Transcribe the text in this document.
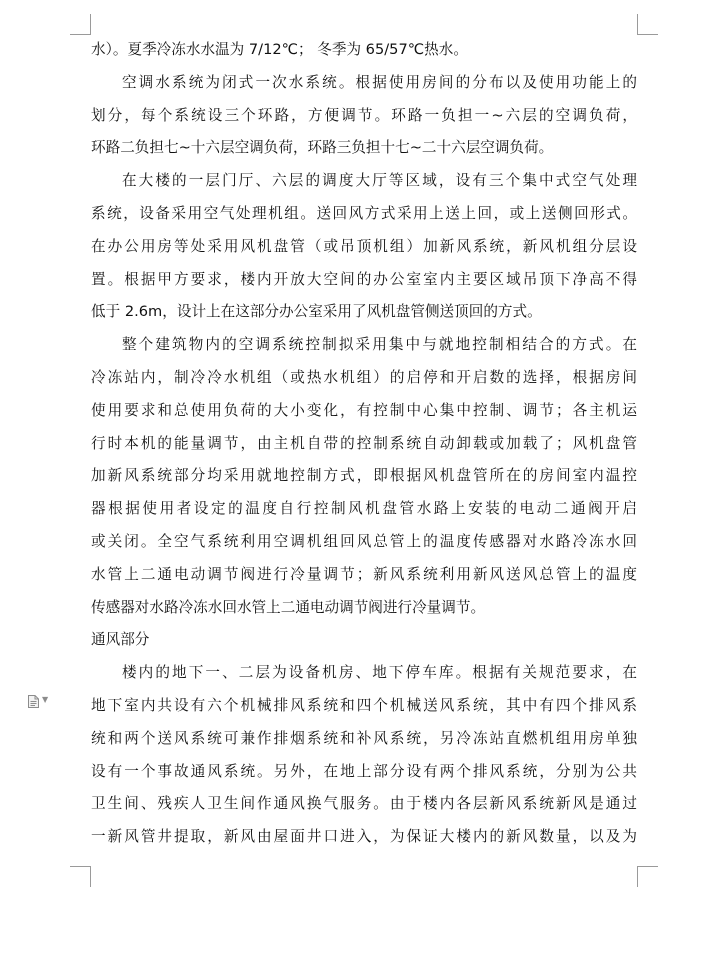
▼
水）。夏季冷冻水水温为 7/12℃； 冬季为 65/57℃热水。
空调水系统为闭式一次水系统。根据使用房间的分布以及使用功能上的
划分，每个系统设三个环路，方便调节。环路一负担一~六层的空调负荷，
环路二负担七~十六层空调负荷，环路三负担十七~二十六层空调负荷。
在大楼的一层门厅、六层的调度大厅等区域，设有三个集中式空气处理
系统，设备采用空气处理机组。送回风方式采用上送上回，或上送侧回形式。
在办公用房等处采用风机盘管（或吊顶机组）加新风系统，新风机组分层设
置。根据甲方要求，楼内开放大空间的办公室室内主要区域吊顶下净高不得
低于 2.6m，设计上在这部分办公室采用了风机盘管侧送顶回的方式。
整个建筑物内的空调系统控制拟采用集中与就地控制相结合的方式。在
冷冻站内，制冷冷水机组（或热水机组）的启停和开启数的选择，根据房间
使用要求和总使用负荷的大小变化，有控制中心集中控制、调节；各主机运
行时本机的能量调节，由主机自带的控制系统自动卸载或加载了；风机盘管
加新风系统部分均采用就地控制方式，即根据风机盘管所在的房间室内温控
器根据使用者设定的温度自行控制风机盘管水路上安装的电动二通阀开启
或关闭。全空气系统利用空调机组回风总管上的温度传感器对水路冷冻水回
水管上二通电动调节阀进行冷量调节；新风系统利用新风送风总管上的温度
传感器对水路冷冻水回水管上二通电动调节阀进行冷量调节。
通风部分
楼内的地下一、二层为设备机房、地下停车库。根据有关规范要求，在
地下室内共设有六个机械排风系统和四个机械送风系统，其中有四个排风系
统和两个送风系统可兼作排烟系统和补风系统，另冷冻站直燃机组用房单独
设有一个事故通风系统。另外，在地上部分设有两个排风系统，分别为公共
卫生间、残疾人卫生间作通风换气服务。由于楼内各层新风系统新风是通过
一新风管井提取，新风由屋面井口进入，为保证大楼内的新风数量，以及为
